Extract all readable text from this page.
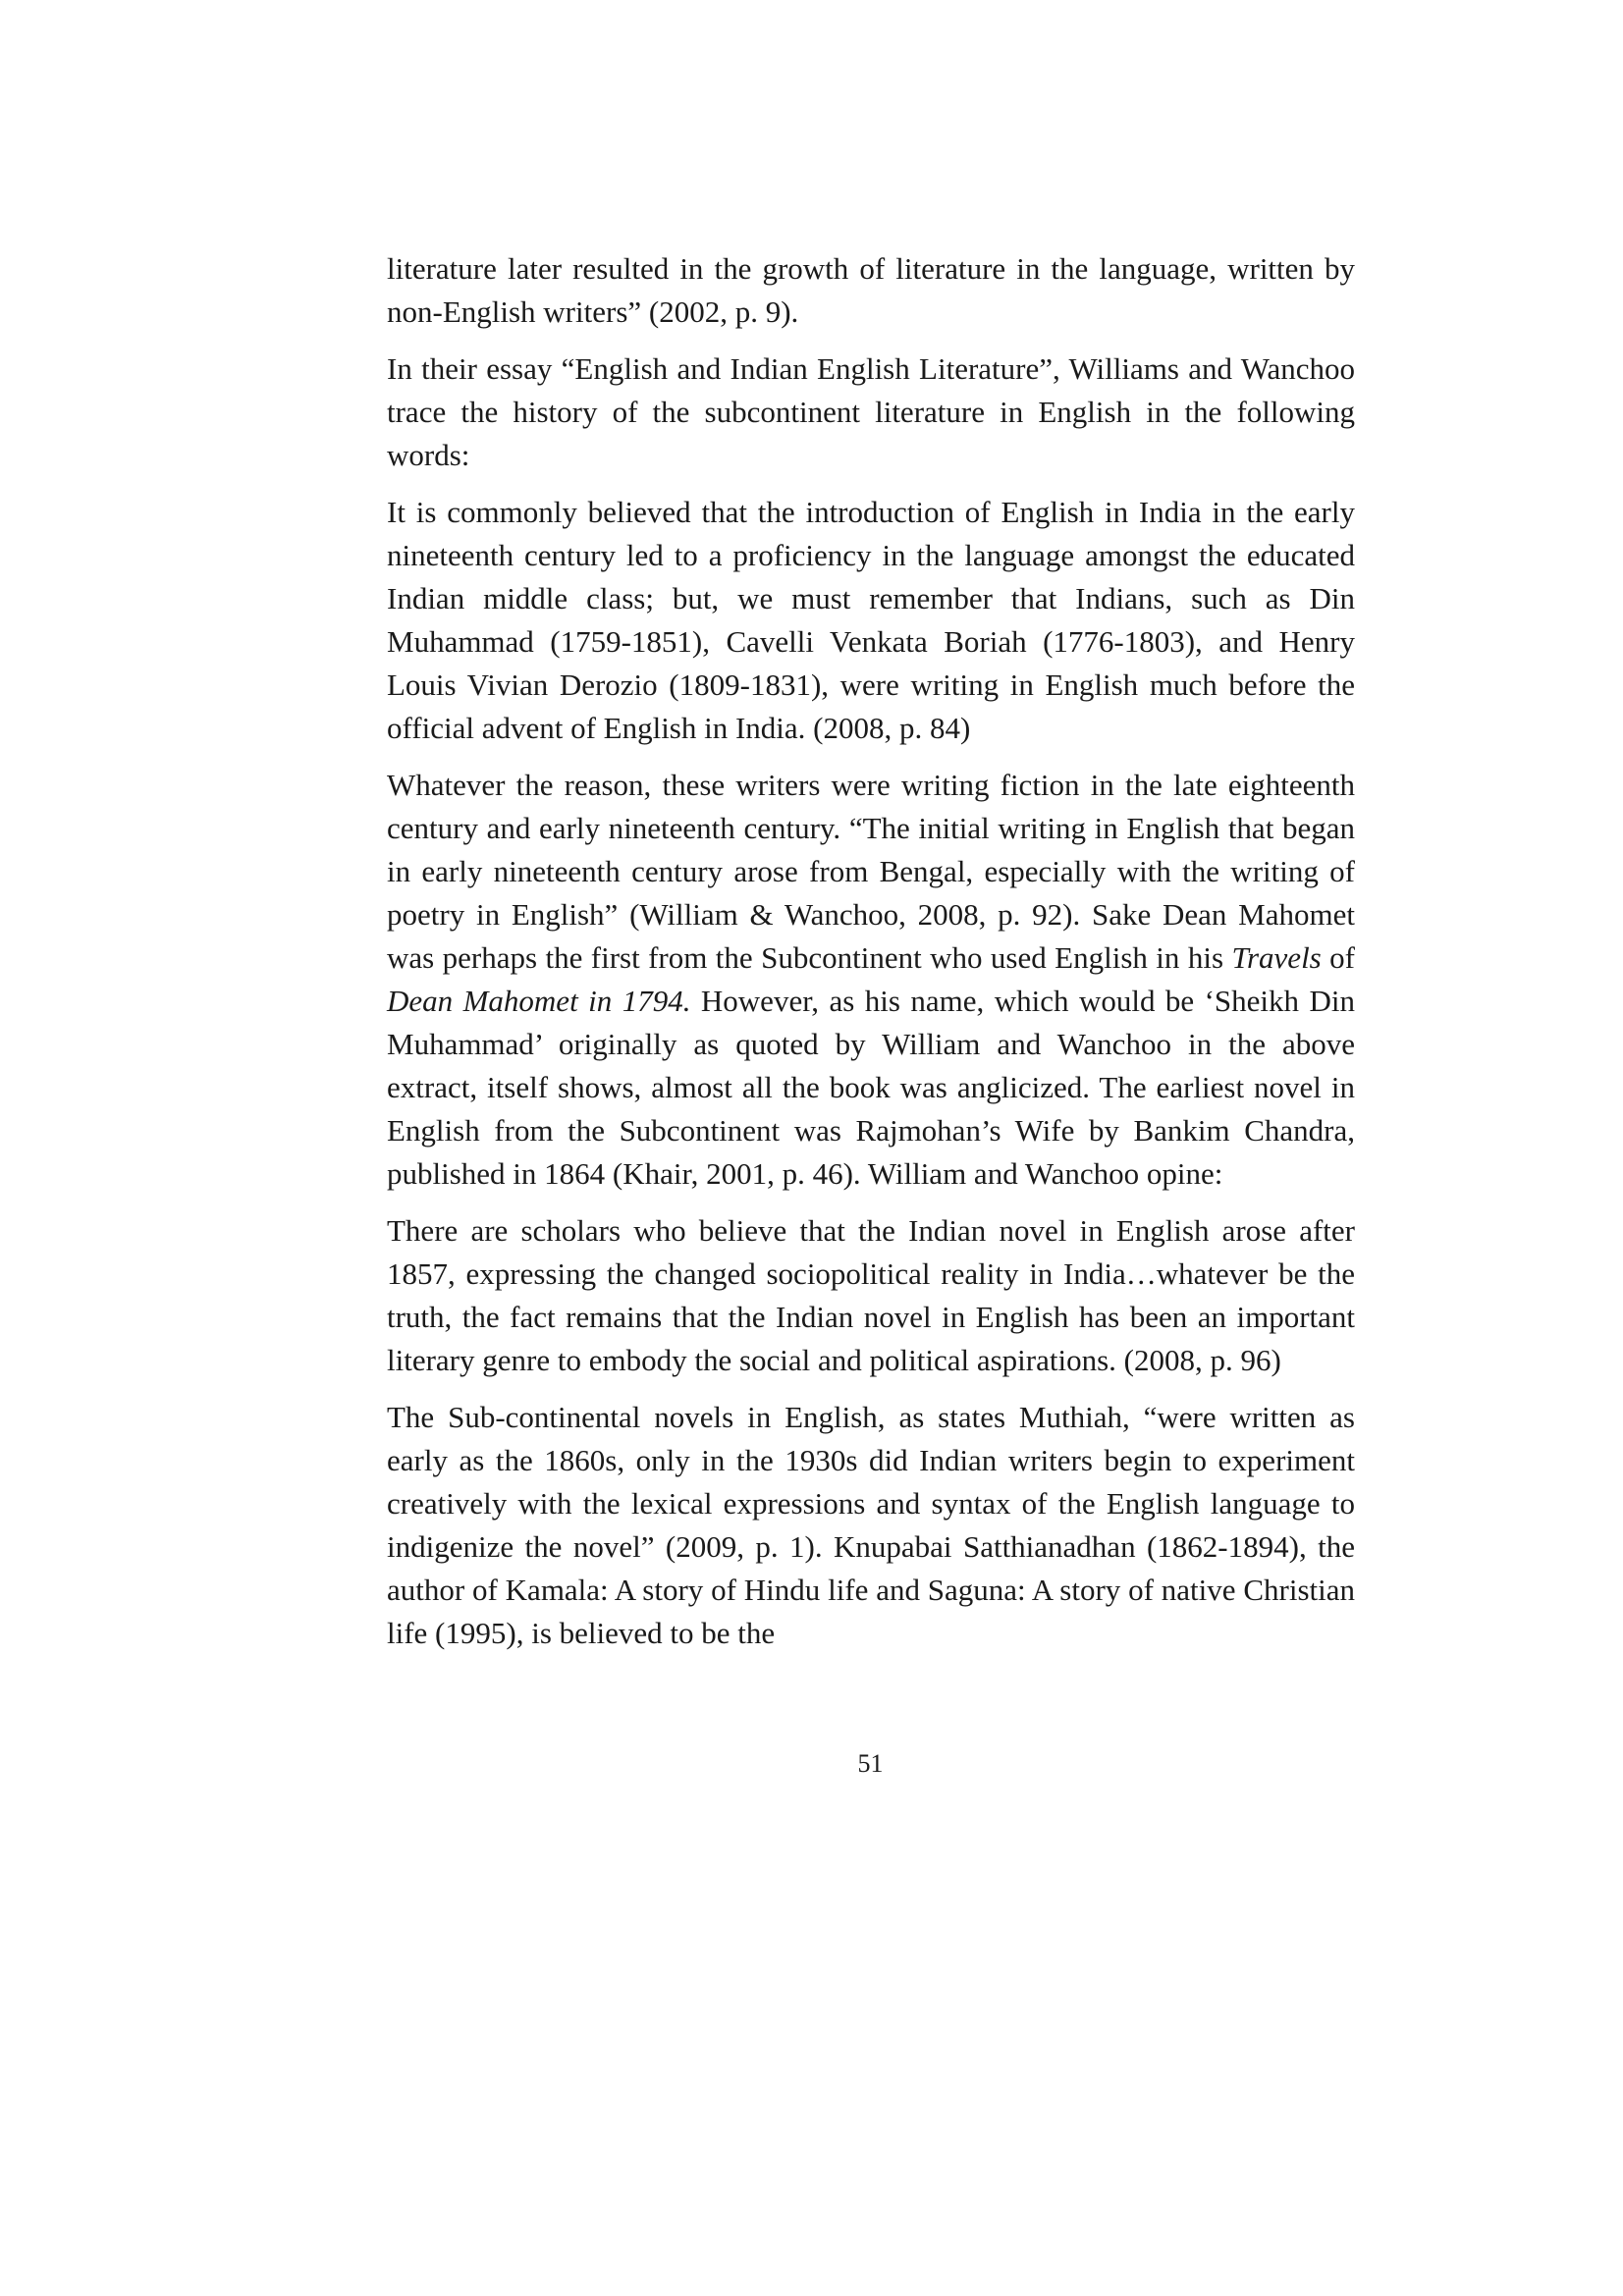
literature later resulted in the growth of literature in the language, written by non-English writers” (2002, p. 9).

In their essay “English and Indian English Literature”, Williams and Wanchoo trace the history of the subcontinent literature in English in the following words:

It is commonly believed that the introduction of English in India in the early nineteenth century led to a proficiency in the language amongst the educated Indian middle class; but, we must remember that Indians, such as Din Muhammad (1759-1851), Cavelli Venkata Boriah (1776-1803), and Henry Louis Vivian Derozio (1809-1831), were writing in English much before the official advent of English in India. (2008, p. 84)

Whatever the reason, these writers were writing fiction in the late eighteenth century and early nineteenth century. “The initial writing in English that began in early nineteenth century arose from Bengal, especially with the writing of poetry in English” (William & Wanchoo, 2008, p. 92). Sake Dean Mahomet was perhaps the first from the Subcontinent who used English in his Travels of Dean Mahomet in 1794. However, as his name, which would be ‘Sheikh Din Muhammad’ originally as quoted by William and Wanchoo in the above extract, itself shows, almost all the book was anglicized. The earliest novel in English from the Subcontinent was Rajmohan’s Wife by Bankim Chandra, published in 1864 (Khair, 2001, p. 46). William and Wanchoo opine:

There are scholars who believe that the Indian novel in English arose after 1857, expressing the changed sociopolitical reality in India…whatever be the truth, the fact remains that the Indian novel in English has been an important literary genre to embody the social and political aspirations. (2008, p. 96)

The Sub-continental novels in English, as states Muthiah, “were written as early as the 1860s, only in the 1930s did Indian writers begin to experiment creatively with the lexical expressions and syntax of the English language to indigenize the novel” (2009, p. 1). Knupabai Satthianadhan (1862-1894), the author of Kamala: A story of Hindu life and Saguna: A story of native Christian life (1995), is believed to be the

51
